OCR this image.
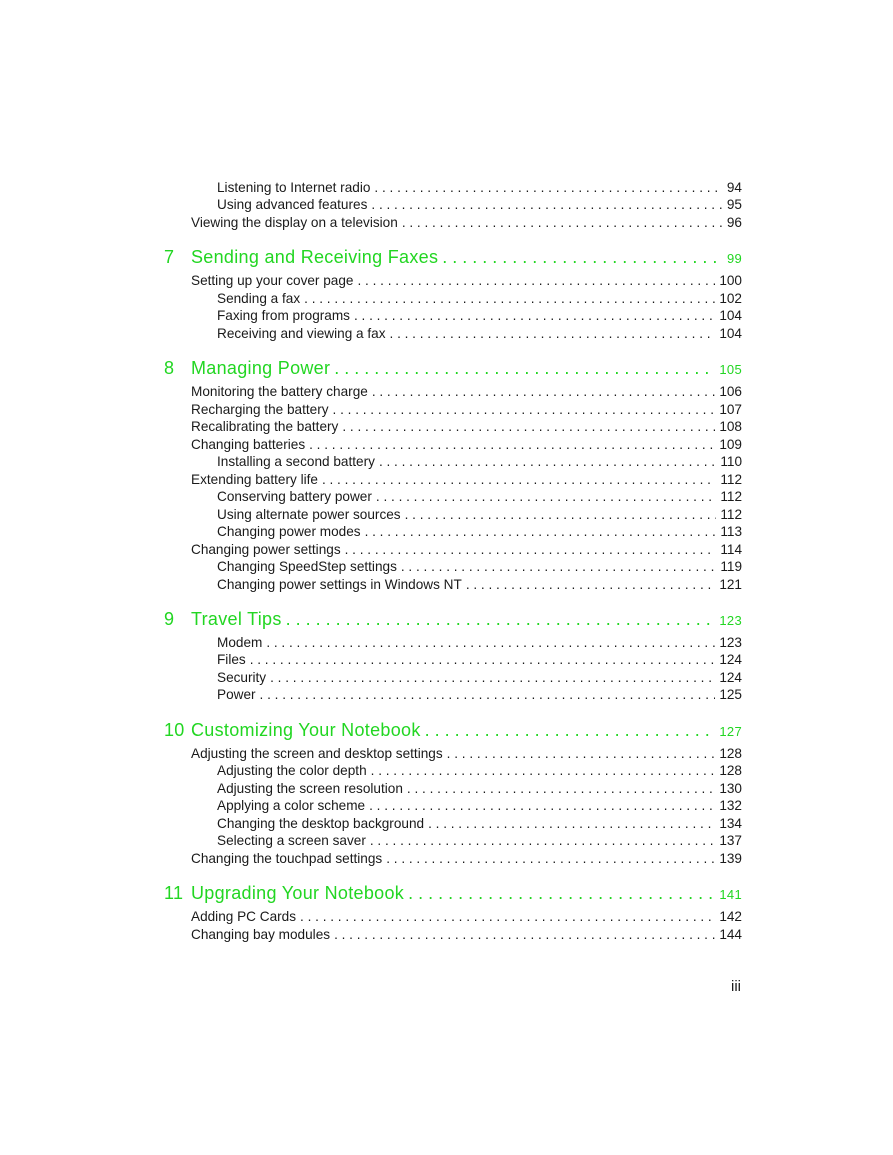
Listening to Internet radio . . .	94
Using advanced features . . .	95
Viewing the display on a television . . .	96
7 Sending and Receiving Faxes . . .	99
Setting up your cover page . . .	100
Sending a fax . . .	102
Faxing from programs . . .	104
Receiving and viewing a fax . . .	104
8 Managing Power . . .	105
Monitoring the battery charge . . .	106
Recharging the battery . . .	107
Recalibrating the battery . . .	108
Changing batteries . . .	109
Installing a second battery . . .	110
Extending battery life . . .	112
Conserving battery power . . .	112
Using alternate power sources . . .	112
Changing power modes . . .	113
Changing power settings . . .	114
Changing SpeedStep settings . . .	119
Changing power settings in Windows NT . . .	121
9 Travel Tips . . .	123
Modem . . .	123
Files . . .	124
Security . . .	124
Power . . .	125
10 Customizing Your Notebook . . .	127
Adjusting the screen and desktop settings . . .	128
Adjusting the color depth . . .	128
Adjusting the screen resolution . . .	130
Applying a color scheme . . .	132
Changing the desktop background . . .	134
Selecting a screen saver . . .	137
Changing the touchpad settings . . .	139
11 Upgrading Your Notebook . . .	141
Adding PC Cards . . .	142
Changing bay modules . . .	144
iii
